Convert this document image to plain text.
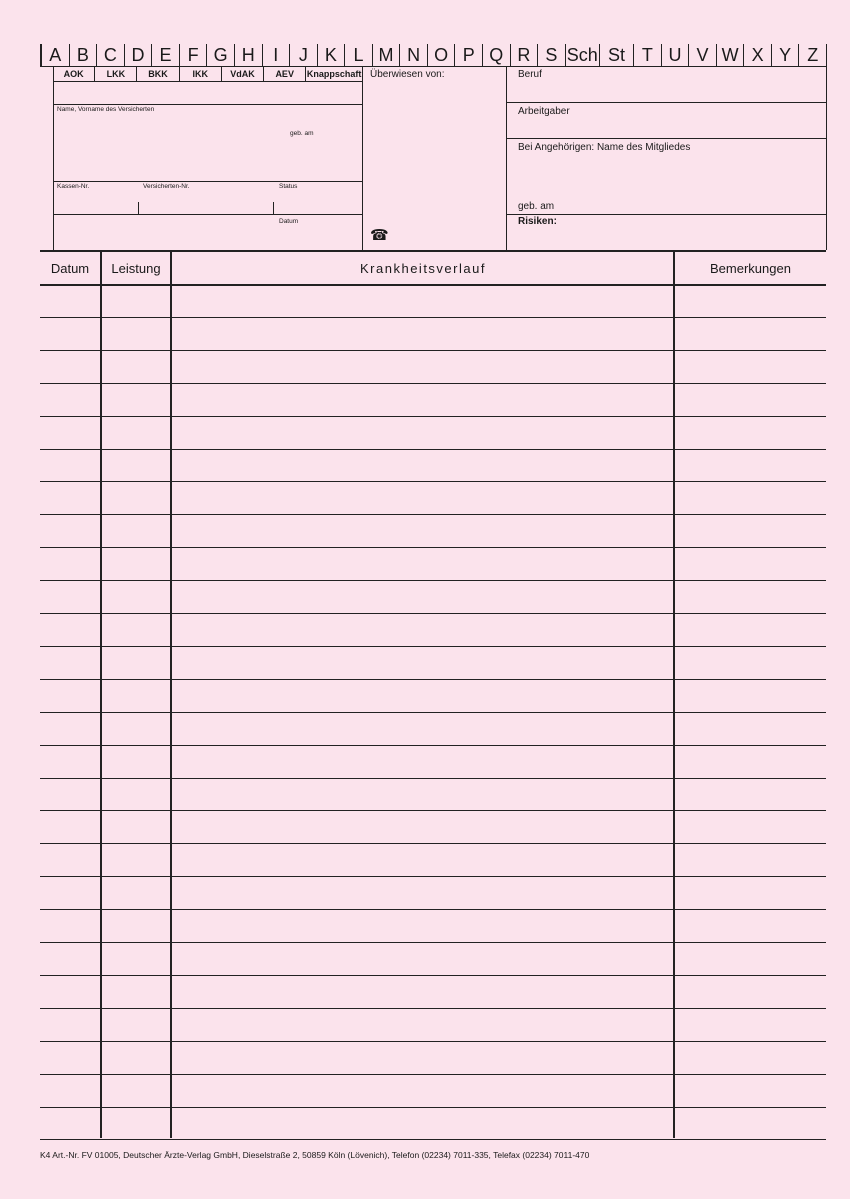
A B C D E F G H	I	J K L M N O P Q R S Sch St T U V W X Y Z
AOK	LKK	BKK	IKK	VdAK	AEV	Knappschaft
Name, Vorname des Versicherten
geb. am
Kassen-Nr.	Versicherten-Nr.	Status
Datum
Überwiesen von:
☎
Beruf
Arbeitgaber
Bei Angehörigen: Name des Mitgliedes
geb. am
Risiken:
Datum	Leistung	Krankheitsverlauf	Bemerkungen
K4 Art.-Nr. FV 01005, Deutscher Ärzte-Verlag GmbH, Dieselstraße 2, 50859 Köln (Lövenich), Telefon (02234) 7011-335, Telefax (02234) 7011-470
